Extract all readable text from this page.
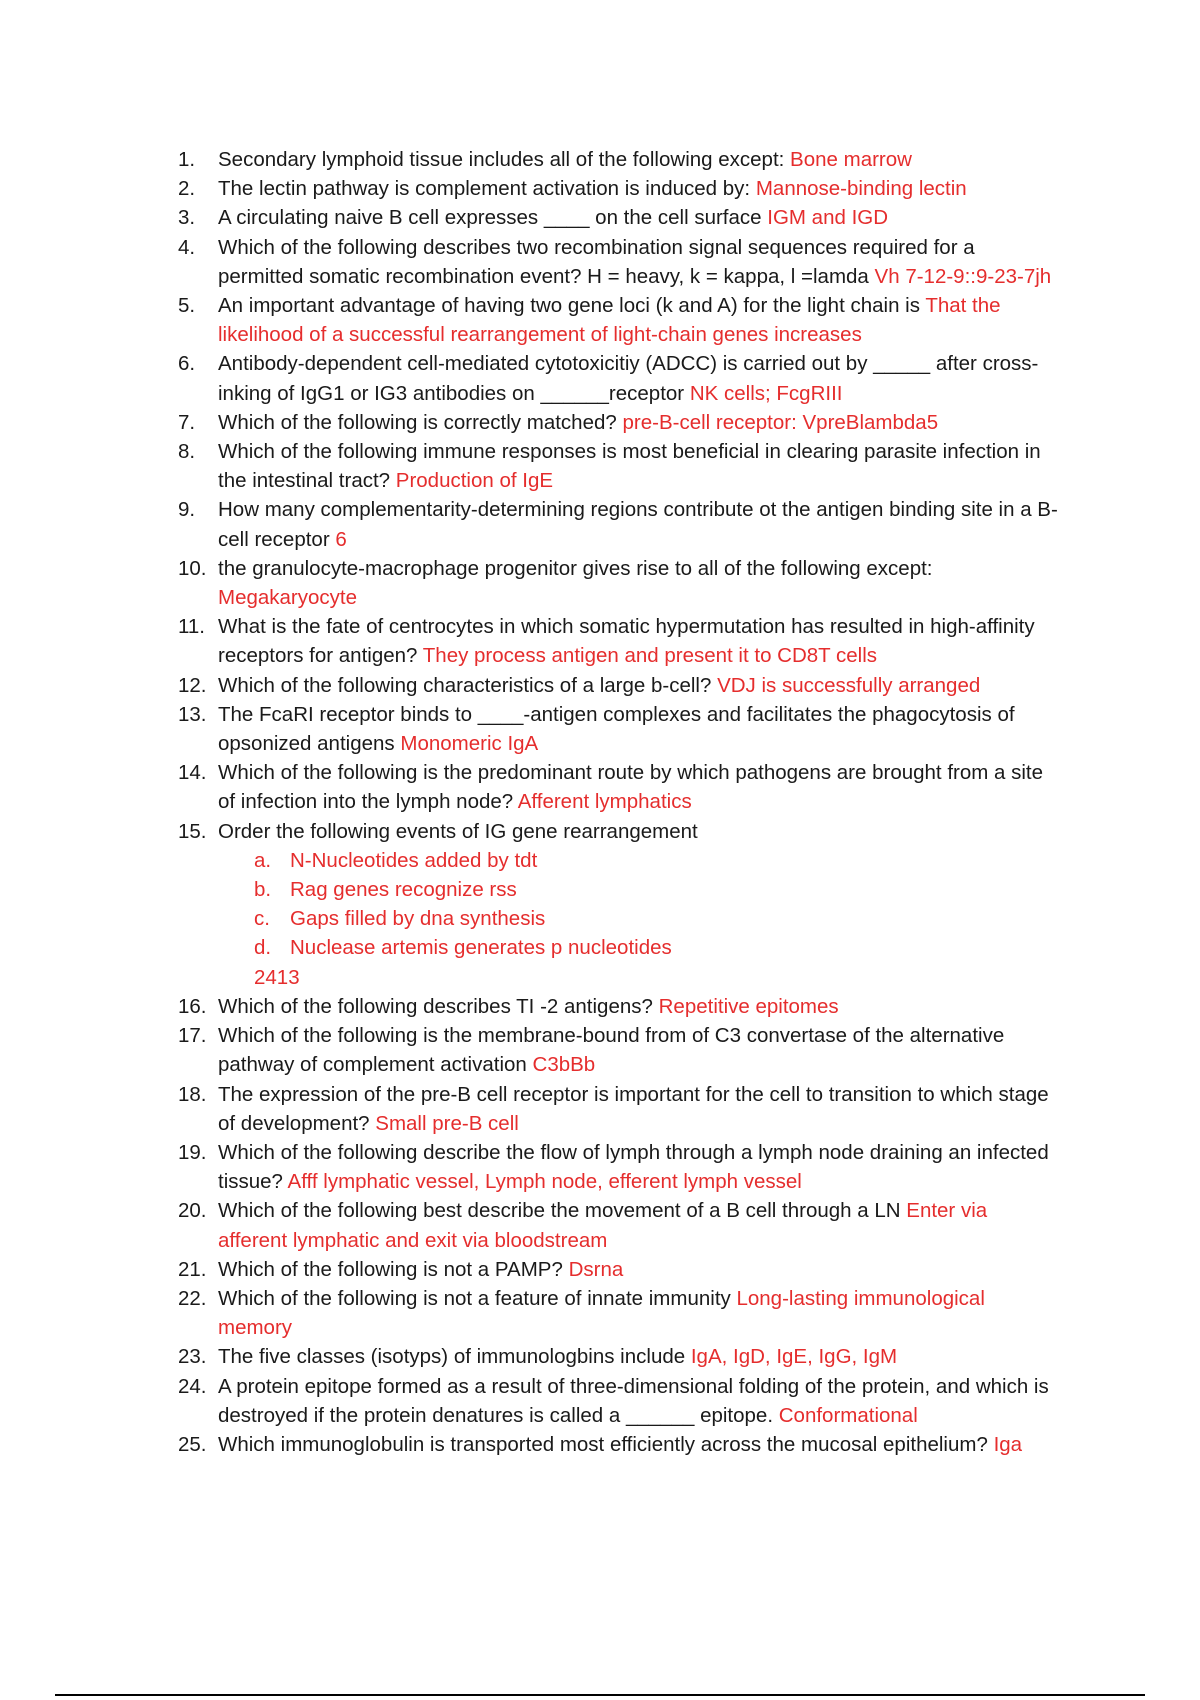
1. Secondary lymphoid tissue includes all of the following except: Bone marrow
2. The lectin pathway is complement activation is induced by: Mannose-binding lectin
3. A circulating naive B cell expresses ____ on the cell surface IGM and IGD
4. Which of the following describes two recombination signal sequences required for a permitted somatic recombination event? H = heavy, k = kappa, l =lamda Vh 7-12-9::9-23-7jh
5. An important advantage of having two gene loci (k and A) for the light chain is That the likelihood of a successful rearrangement of light-chain genes increases
6. Antibody-dependent cell-mediated cytotoxicitiy (ADCC) is carried out by _____ after cross-inking of IgG1 or IG3 antibodies on ______receptor NK cells; FcgRIII
7. Which of the following is correctly matched? pre-B-cell receptor: VpreBlambda5
8. Which of the following immune responses is most beneficial in clearing parasite infection in the intestinal tract? Production of IgE
9. How many complementarity-determining regions contribute ot the antigen binding site in a B-cell receptor 6
10. the granulocyte-macrophage progenitor gives rise to all of the following except: Megakaryocyte
11. What is the fate of centrocytes in which somatic hypermutation has resulted in high-affinity receptors for antigen? They process antigen and present it to CD8T cells
12. Which of the following characteristics of a large b-cell? VDJ is successfully arranged
13. The FcaRI receptor binds to ____-antigen complexes and facilitates the phagocytosis of opsonized antigens Monomeric IgA
14. Which of the following is the predominant route by which pathogens are brought from a site of infection into the lymph node? Afferent lymphatics
15. Order the following events of IG gene rearrangement
a. N-Nucleotides added by tdt
b. Rag genes recognize rss
c. Gaps filled by dna synthesis
d. Nuclease artemis generates p nucleotides
2413
16. Which of the following describes TI -2 antigens? Repetitive epitomes
17. Which of the following is the membrane-bound from of C3 convertase of the alternative pathway of complement activation C3bBb
18. The expression of the pre-B cell receptor is important for the cell to transition to which stage of development? Small pre-B cell
19. Which of the following describe the flow of lymph through a lymph node draining an infected tissue? Afff lymphatic vessel, Lymph node, efferent lymph vessel
20. Which of the following best describe the movement of a B cell through a LN Enter via afferent lymphatic and exit via bloodstream
21. Which of the following is not a PAMP? Dsrna
22. Which of the following is not a feature of innate immunity Long-lasting immunological memory
23. The five classes (isotyps) of immunologbins include IgA, IgD, IgE, IgG, IgM
24. A protein epitope formed as a result of three-dimensional folding of the protein, and which is destroyed if the protein denatures is called a ______ epitope. Conformational
25. Which immunoglobulin is transported most efficiently across the mucosal epithelium? Iga
